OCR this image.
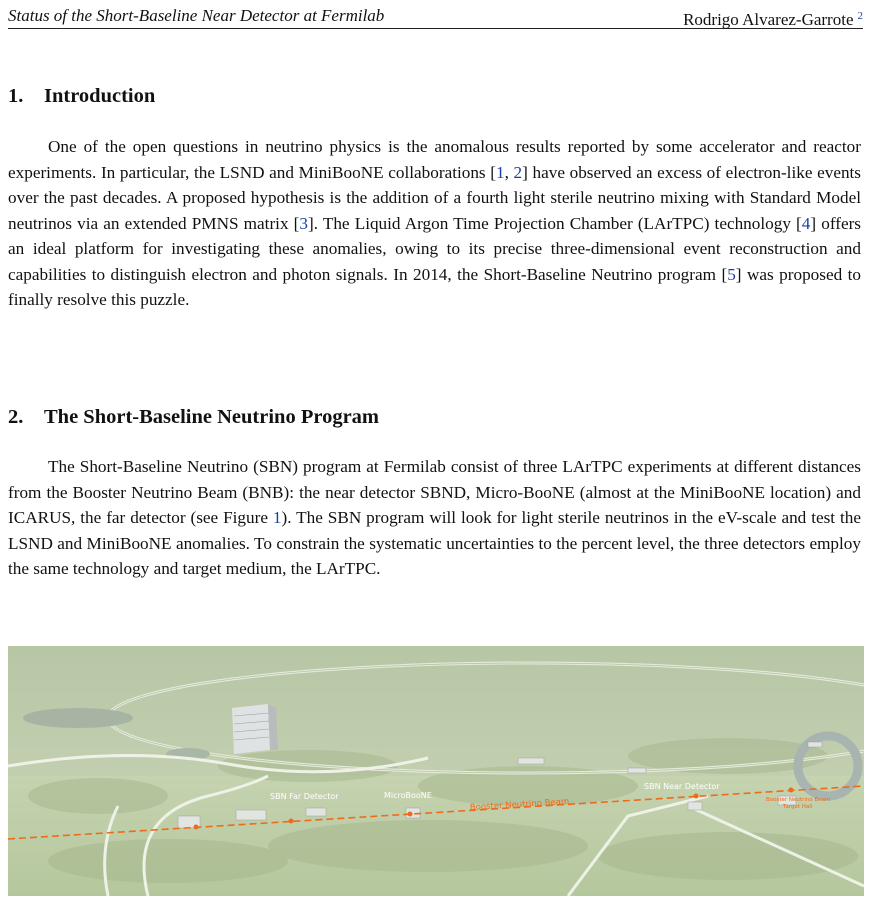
Status of the Short-Baseline Near Detector at Fermilab	Rodrigo Alvarez-Garrote $^2$
1. Introduction

One of the open questions in neutrino physics is the anomalous results reported by some accelerator and reactor experiments. In particular, the LSND and MiniBooNE collaborations [1, 2] have observed an excess of electron-like events over the past decades. A proposed hypothesis is the addition of a fourth light sterile neutrino mixing with Standard Model neutrinos via an extended PMNS matrix [3]. The Liquid Argon Time Projection Chamber (LArTPC) technology [4] offers an ideal platform for investigating these anomalies, owing to its precise three-dimensional event reconstruction and capabilities to distinguish electron and photon signals. In 2014, the Short-Baseline Neutrino program [5] was proposed to finally resolve this puzzle.

2. The Short-Baseline Neutrino Program

The Short-Baseline Neutrino (SBN) program at Fermilab consist of three LArTPC experiments at different distances from the Booster Neutrino Beam (BNB): the near detector SBND, Micro-BooNE (almost at the MiniBooNE location) and ICARUS, the far detector (see Figure 1). The SBN program will look for light sterile neutrinos in the eV-scale and test the LSND and MiniBooNE anomalies. To constrain the systematic uncertainties to the percent level, the three detectors employ the same technology and target medium, the LArTPC.

SBN Far Detector	MicroBooNE
Booster Neutrino Beam
SBN Near Detector
Booster Neutrino Beam
Target Hall
